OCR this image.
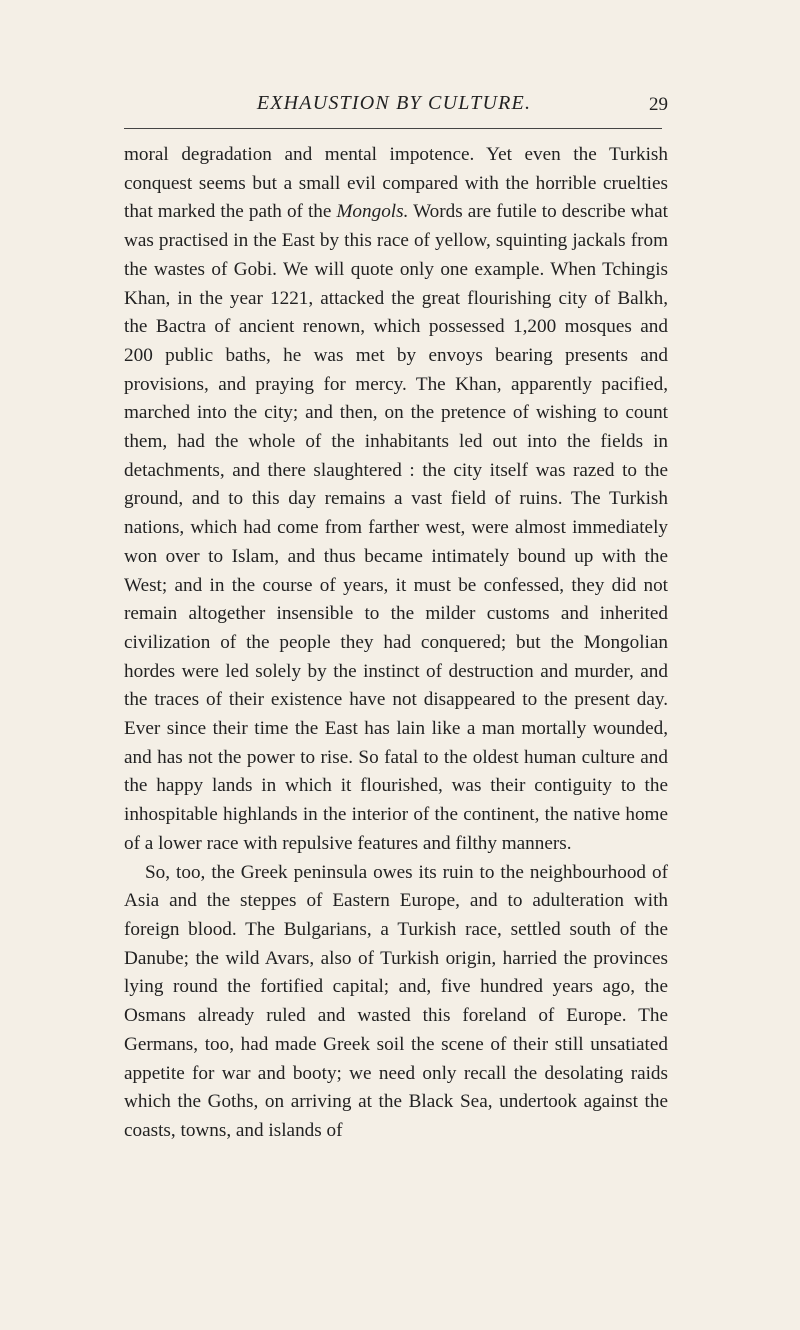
EXHAUSTION BY CULTURE.	29

moral degradation and mental impotence. Yet even the Turkish conquest seems but a small evil compared with the horrible cruelties that marked the path of the Mongols. Words are futile to describe what was practised in the East by this race of yellow, squinting jackals from the wastes of Gobi. We will quote only one example. When Tchingis Khan, in the year 1221, attacked the great flourishing city of Balkh, the Bactra of ancient renown, which possessed 1,200 mosques and 200 public baths, he was met by envoys bearing presents and provisions, and praying for mercy. The Khan, apparently pacified, marched into the city; and then, on the pretence of wishing to count them, had the whole of the inhabitants led out into the fields in detachments, and there slaughtered : the city itself was razed to the ground, and to this day remains a vast field of ruins. The Turkish nations, which had come from farther west, were almost immediately won over to Islam, and thus became intimately bound up with the West; and in the course of years, it must be confessed, they did not remain altogether insensible to the milder customs and inherited civilization of the people they had conquered; but the Mongolian hordes were led solely by the instinct of destruction and murder, and the traces of their existence have not disappeared to the present day. Ever since their time the East has lain like a man mortally wounded, and has not the power to rise. So fatal to the oldest human culture and the happy lands in which it flourished, was their contiguity to the inhospitable highlands in the interior of the continent, the native home of a lower race with repulsive features and filthy manners.

So, too, the Greek peninsula owes its ruin to the neighbourhood of Asia and the steppes of Eastern Europe, and to adulteration with foreign blood. The Bulgarians, a Turkish race, settled south of the Danube; the wild Avars, also of Turkish origin, harried the provinces lying round the fortified capital; and, five hundred years ago, the Osmans already ruled and wasted this foreland of Europe. The Germans, too, had made Greek soil the scene of their still unsatiated appetite for war and booty; we need only recall the desolating raids which the Goths, on arriving at the Black Sea, undertook against the coasts, towns, and islands of
